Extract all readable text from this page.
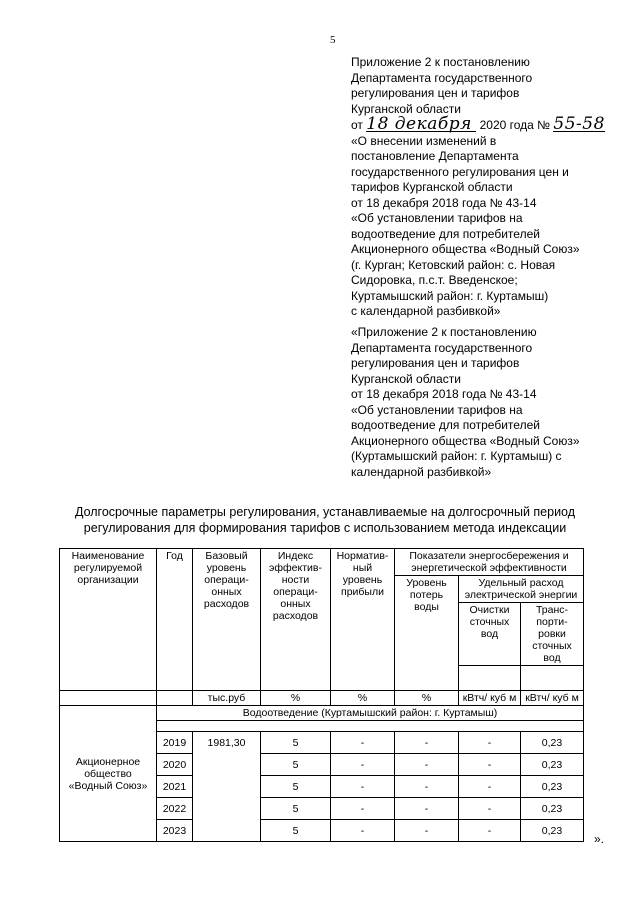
5

Приложение 2 к постановлению

Департамента государственного

регулирования цен и тарифов

Курганской области

от 18 декабря 2020 года № 55-58

«О внесении изменений в

постановление Департамента

государственного регулирования цен и

тарифов Курганской области

от 18 декабря 2018 года № 43-14

«Об установлении тарифов на

водоотведение для потребителей

Акционерного общества «Водный Союз»

(г. Курган; Кетовский район: с. Новая

Сидоровка, п.с.т. Введенское;

Куртамышский район: г. Куртамыш)

с календарной разбивкой»

«Приложение 2 к постановлению

Департамента государственного

регулирования цен и тарифов

Курганской области

от 18 декабря 2018 года № 43-14

«Об установлении тарифов на

водоотведение для потребителей

Акционерного общества «Водный Союз»

(Куртамышский район: г. Куртамыш) с

календарной разбивкой»

Долгосрочные параметры регулирования, устанавливаемые на долгосрочный период
регулирования для формирования тарифов с использованием метода индексации
Наименование регулируемой организации	Год	Базовый уровень операци-онных расходов	Индекс эффектив-ности операци-онных расходов	Норматив-ный уровень прибыли	Показатели энергосбережения и энергетической эффективности		
					Уровень потерь воды	Удельный расход электрической энергии	
						Очистки сточных вод	Транс-порти-ровки сточных вод

		тыс.руб	%	%	%	кВтч/ куб м	кВтч/ куб м
Акционерное общество «Водный Союз»	Водоотведение (Куртамышский район: г. Куртамыш)						

	2019	1981,30	5	-	-	-	0,23
	2020		5	-	-	-	0,23
	2021		5	-	-	-	0,23
	2022		5	-	-	-	0,23
	2023		5	-	-	-	0,23
».
